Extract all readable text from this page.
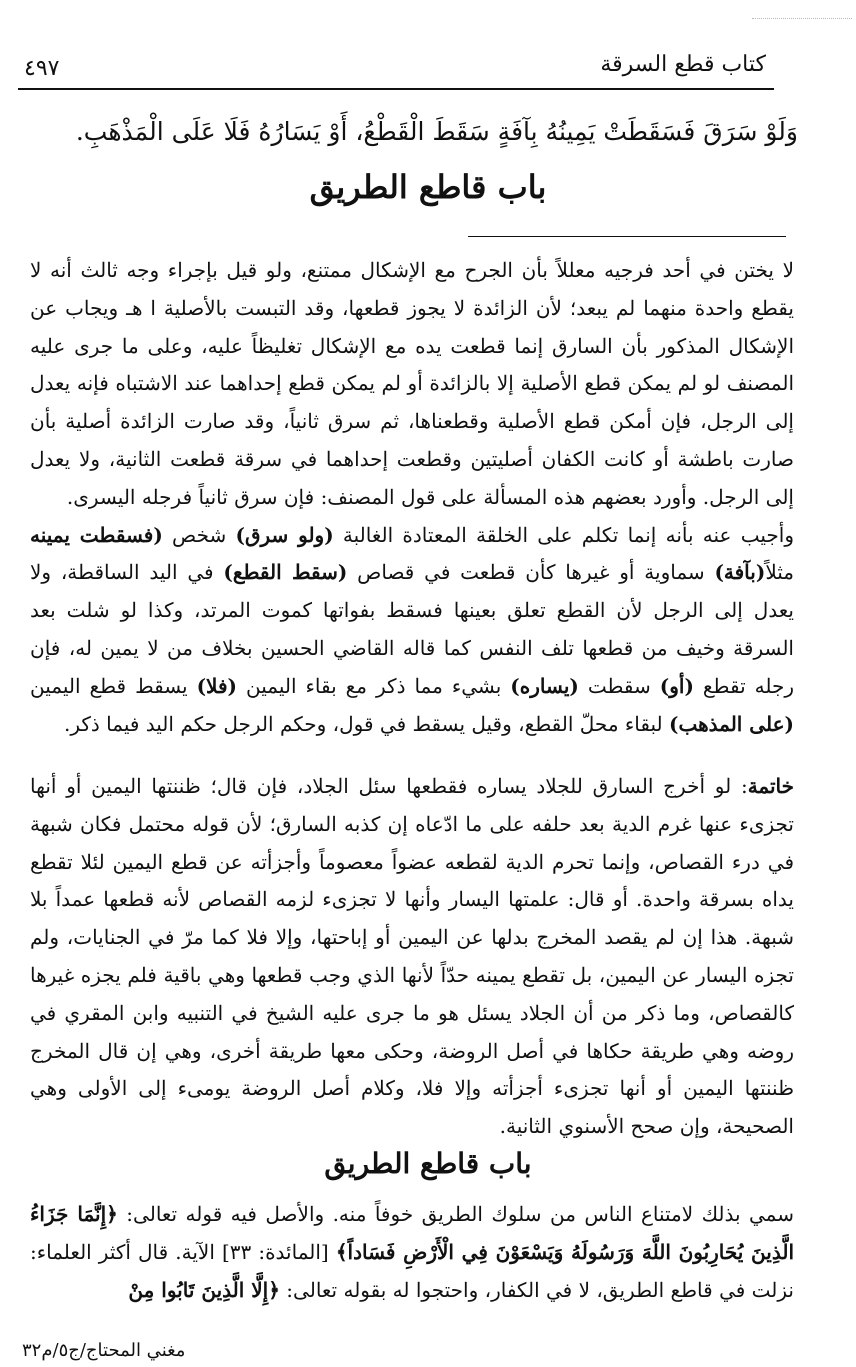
كتاب قطع السرقة
٤٩٧
وَلَوْ سَرَقَ فَسَقَطَتْ يَمِينُهُ بِآفَةٍ سَقَطَ الْقَطْعُ، أَوْ يَسَارُهُ فَلَا عَلَى الْمَذْهَبِ.
باب قاطع الطريق

لا يختن في أحد فرجيه معللاً بأن الجرح مع الإشكال ممتنع، ولو قيل بإجراء وجه ثالث أنه لا يقطع واحدة منهما لم يبعد؛ لأن الزائدة لا يجوز قطعها، وقد التبست بالأصلية ا هـ ويجاب عن الإشكال المذكور بأن السارق إنما قطعت يده مع الإشكال تغليظاً عليه، وعلى ما جرى عليه المصنف لو لم يمكن قطع الأصلية إلا بالزائدة أو لم يمكن قطع إحداهما عند الاشتباه فإنه يعدل إلى الرجل، فإن أمكن قطع الأصلية وقطعناها، ثم سرق ثانياً، وقد صارت الزائدة أصلية بأن صارت باطشة أو كانت الكفان أصليتين وقطعت إحداهما في سرقة قطعت الثانية، ولا يعدل إلى الرجل. وأورد بعضهم هذه المسألة على قول المصنف: فإن سرق ثانياً فرجله اليسرى.

وأجيب عنه بأنه إنما تكلم على الخلقة المعتادة الغالبة (ولو سرق) شخص (فسقطت يمينه مثلاً(بآفة) سماوية أو غيرها كأن قطعت في قصاص (سقط القطع) في اليد الساقطة، ولا يعدل إلى الرجل لأن القطع تعلق بعينها فسقط بفواتها كموت المرتد، وكذا لو شلت بعد السرقة وخيف من قطعها تلف النفس كما قاله القاضي الحسين بخلاف من لا يمين له، فإن رجله تقطع (أو) سقطت (يساره) بشيء مما ذكر مع بقاء اليمين (فلا) يسقط قطع اليمين (على المذهب) لبقاء محلّ القطع، وقيل يسقط في قول، وحكم الرجل حكم اليد فيما ذكر.

خاتمة: لو أخرج السارق للجلاد يساره فقطعها سئل الجلاد، فإن قال؛ ظننتها اليمين أو أنها تجزىء عنها غرم الدية بعد حلفه على ما ادّعاه إن كذبه السارق؛ لأن قوله محتمل فكان شبهة في درء القصاص، وإنما تحرم الدية لقطعه عضواً معصوماً وأجزأته عن قطع اليمين لئلا تقطع يداه بسرقة واحدة. أو قال: علمتها اليسار وأنها لا تجزىء لزمه القصاص لأنه قطعها عمداً بلا شبهة. هذا إن لم يقصد المخرج بدلها عن اليمين أو إباحتها، وإلا فلا كما مرّ في الجنايات، ولم تجزه اليسار عن اليمين، بل تقطع يمينه حدّاً لأنها الذي وجب قطعها وهي باقية فلم يجزه غيرها كالقصاص، وما ذكر من أن الجلاد يسئل هو ما جرى عليه الشيخ في التنبيه وابن المقري في روضه وهي طريقة حكاها في أصل الروضة، وحكى معها طريقة أخرى، وهي إن قال المخرج ظننتها اليمين أو أنها تجزىء أجزأته وإلا فلا، وكلام أصل الروضة يومىء إلى الأولى وهي الصحيحة، وإن صحح الأسنوي الثانية.

باب قاطع الطريق

سمي بذلك لامتناع الناس من سلوك الطريق خوفاً منه. والأصل فيه قوله تعالى: ﴿إِنَّمَا جَزَاءُ الَّذِينَ يُحَارِبُونَ اللَّهَ وَرَسُولَهُ وَيَسْعَوْنَ فِي الْأَرْضِ فَسَاداً﴾ [المائدة: ٣٣] الآية. قال أكثر العلماء: نزلت في قاطع الطريق، لا في الكفار، واحتجوا له بقوله تعالى: ﴿إِلَّا الَّذِينَ تَابُوا مِنْ

مغني المحتاج/ج٥/م٣٢
